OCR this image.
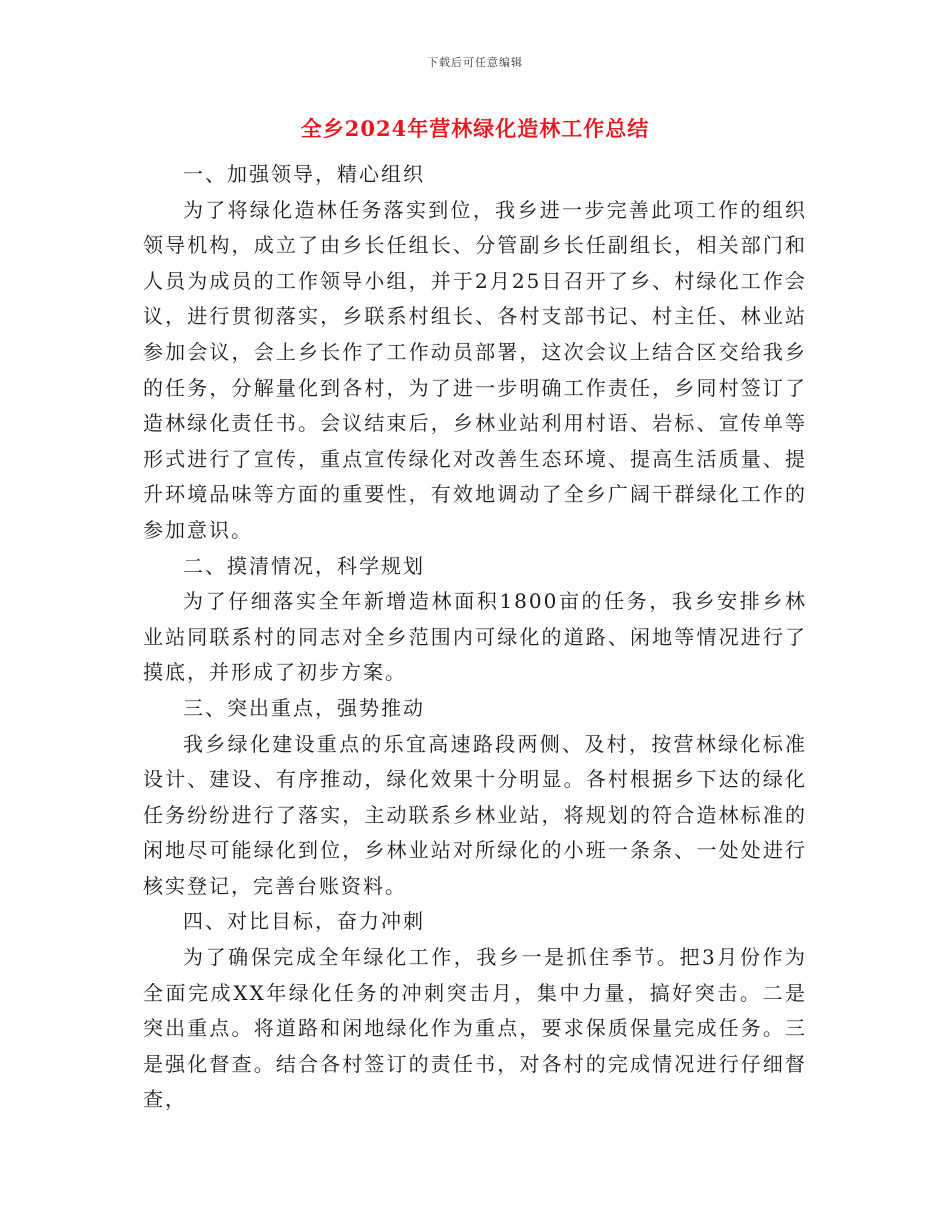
下载后可任意编辑
全乡2024年营林绿化造林工作总结

一、加强领导，精心组织

为了将绿化造林任务落实到位，我乡进一步完善此项工作的组织领导机构，成立了由乡长任组长、分管副乡长任副组长，相关部门和人员为成员的工作领导小组，并于2月25日召开了乡、村绿化工作会议，进行贯彻落实，乡联系村组长、各村支部书记、村主任、林业站参加会议，会上乡长作了工作动员部署，这次会议上结合区交给我乡的任务，分解量化到各村，为了进一步明确工作责任，乡同村签订了造林绿化责任书。会议结束后，乡林业站利用村语、岩标、宣传单等形式进行了宣传，重点宣传绿化对改善生态环境、提高生活质量、提升环境品味等方面的重要性，有效地调动了全乡广阔干群绿化工作的参加意识。

二、摸清情况，科学规划

为了仔细落实全年新增造林面积1800亩的任务，我乡安排乡林业站同联系村的同志对全乡范围内可绿化的道路、闲地等情况进行了摸底，并形成了初步方案。

三、突出重点，强势推动

我乡绿化建设重点的乐宜高速路段两侧、及村，按营林绿化标准设计、建设、有序推动，绿化效果十分明显。各村根据乡下达的绿化任务纷纷进行了落实，主动联系乡林业站，将规划的符合造林标准的闲地尽可能绿化到位，乡林业站对所绿化的小班一条条、一处处进行核实登记，完善台账资料。

四、对比目标，奋力冲刺

为了确保完成全年绿化工作，我乡一是抓住季节。把3月份作为全面完成XX年绿化任务的冲刺突击月，集中力量，搞好突击。二是突出重点。将道路和闲地绿化作为重点，要求保质保量完成任务。三是强化督查。结合各村签订的责任书，对各村的完成情况进行仔细督查，
